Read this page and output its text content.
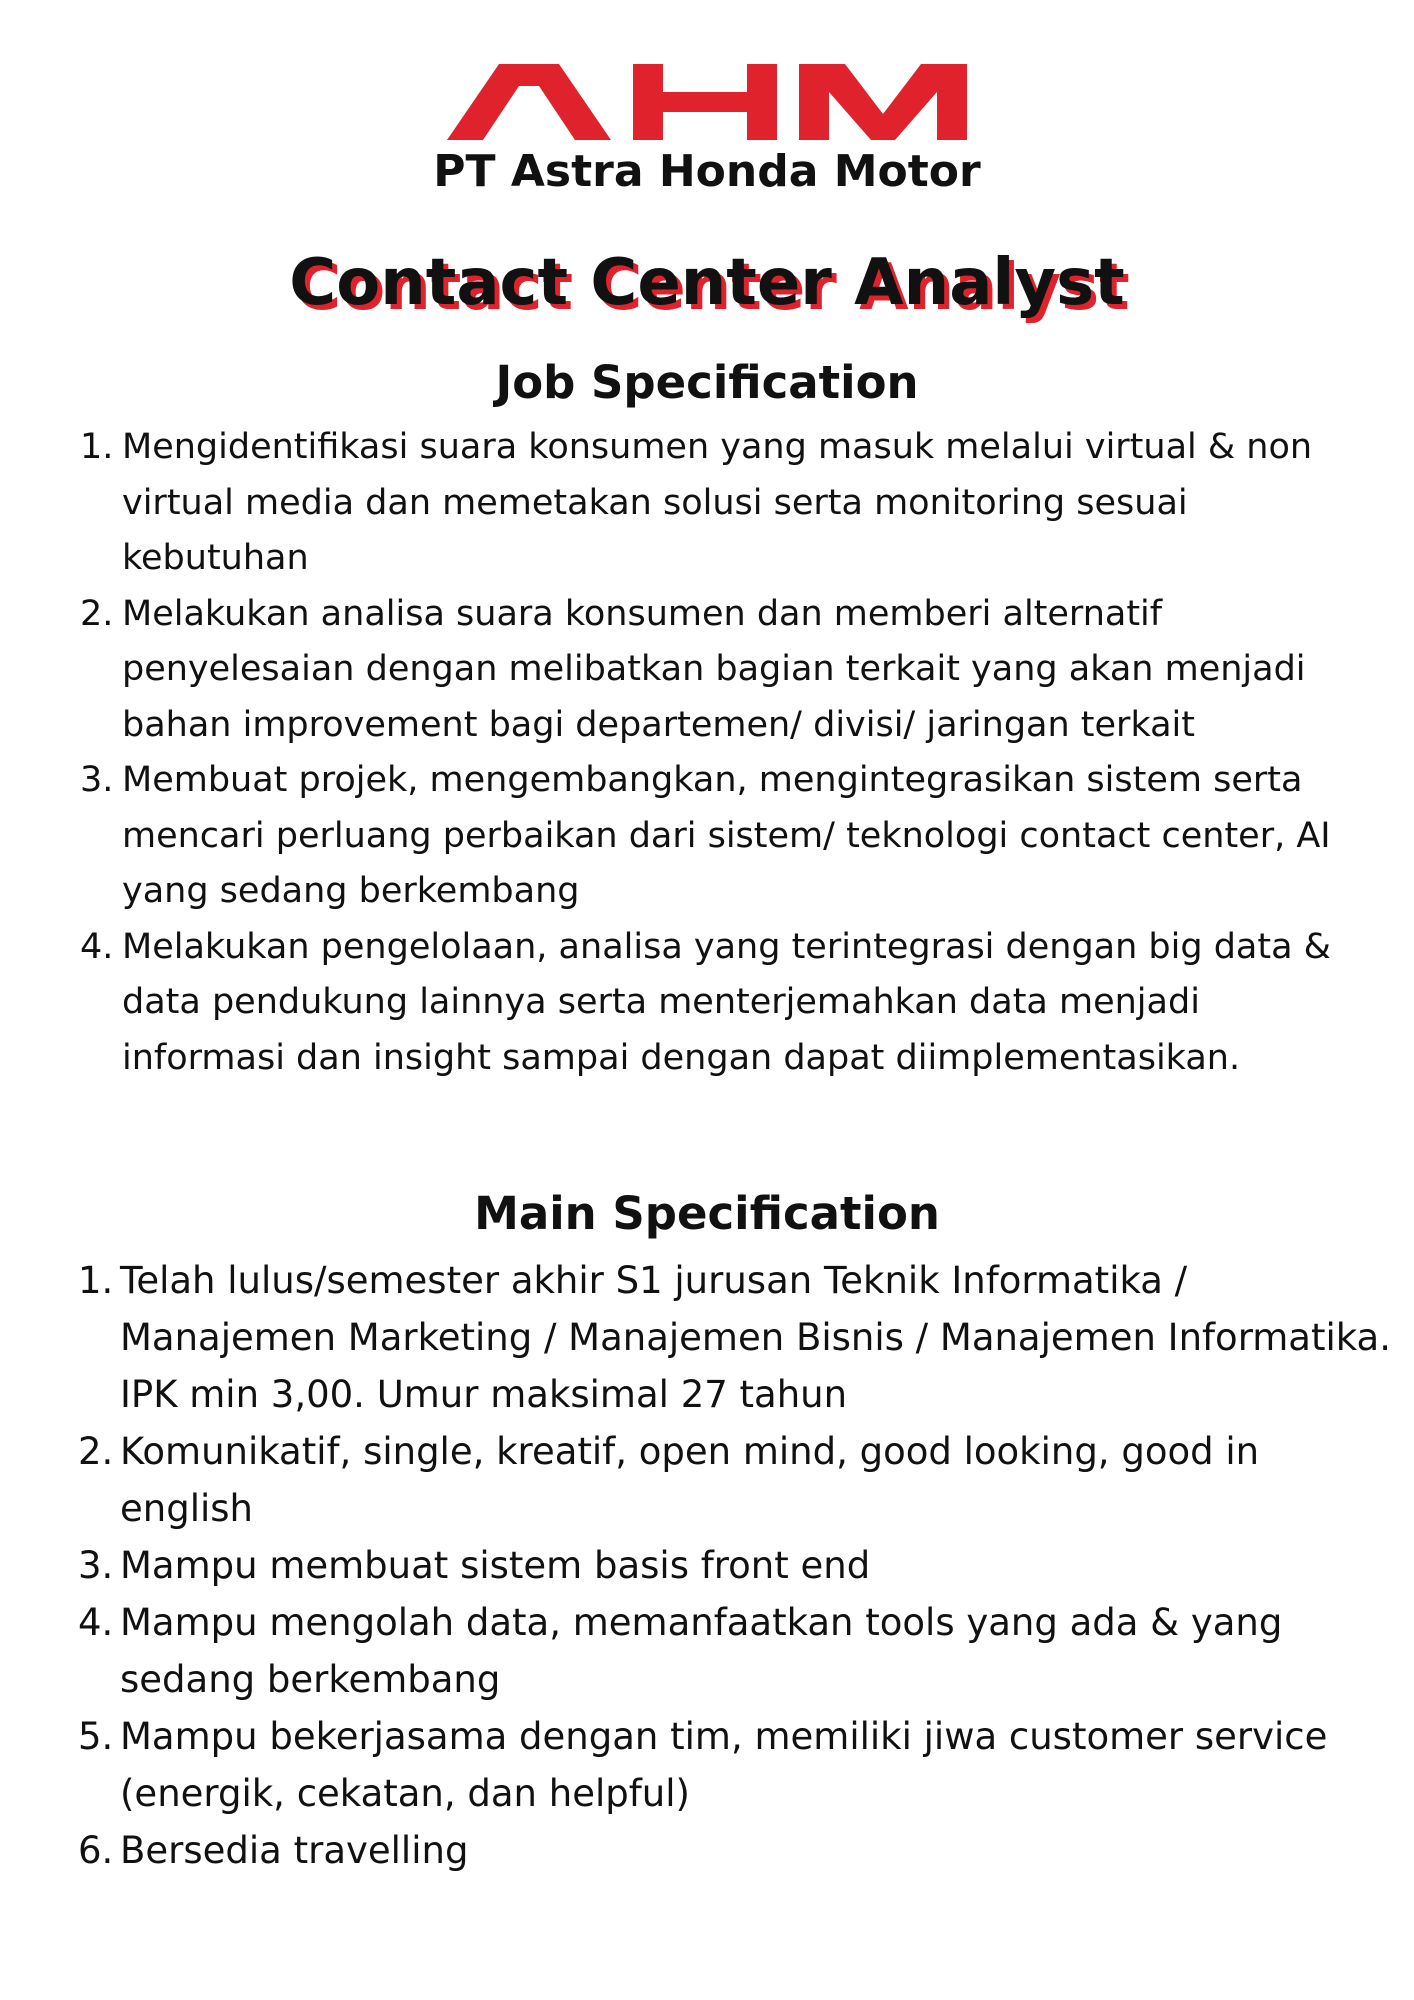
PT Astra Honda Motor
Contact Center Analyst
Job Specification
1. Mengidentifikasi suara konsumen yang masuk melalui virtual & non virtual media dan memetakan solusi serta monitoring sesuai kebutuhan
2. Melakukan analisa suara konsumen dan memberi alternatif penyelesaian dengan melibatkan bagian terkait yang akan menjadi bahan improvement bagi departemen/ divisi/ jaringan terkait
3. Membuat projek, mengembangkan, mengintegrasikan sistem serta mencari perluang perbaikan dari sistem/ teknologi contact center, AI yang sedang berkembang
4. Melakukan pengelolaan, analisa yang terintegrasi dengan big data & data pendukung lainnya serta menterjemahkan data menjadi informasi dan insight sampai dengan dapat diimplementasikan.
Main Specification
1. Telah lulus/semester akhir S1 jurusan Teknik Informatika / Manajemen Marketing / Manajemen Bisnis / Manajemen Informatika. IPK min 3,00. Umur maksimal 27 tahun
2. Komunikatif, single, kreatif, open mind, good looking, good in english
3. Mampu membuat sistem basis front end
4. Mampu mengolah data, memanfaatkan tools yang ada & yang sedang berkembang
5. Mampu bekerjasama dengan tim, memiliki jiwa customer service (energik, cekatan, dan helpful)
6. Bersedia travelling
